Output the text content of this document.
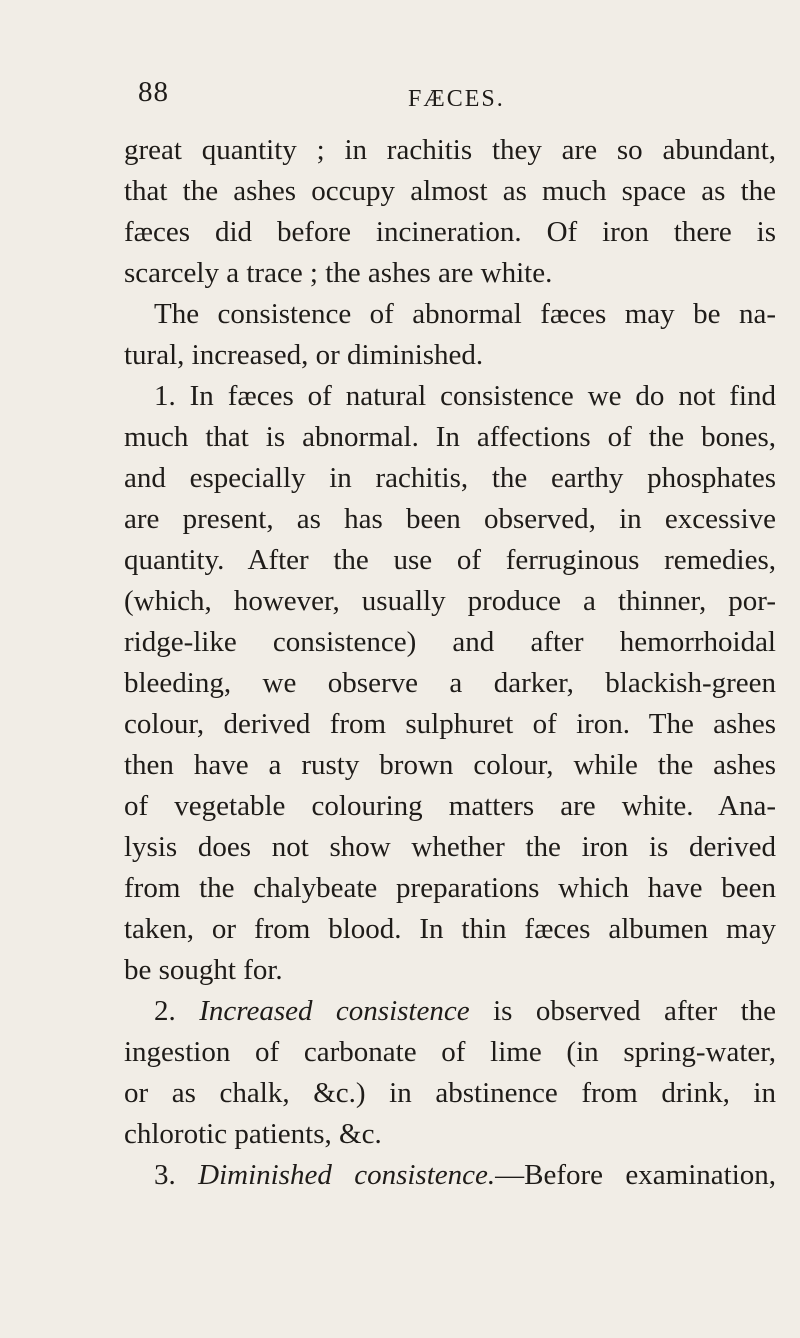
88	FÆCES.
great quantity ; in rachitis they are so abundant,
that the ashes occupy almost as much space as the
fæces did before incineration. Of iron there is
scarcely a trace ; the ashes are white.
The consistence of abnormal fæces may be na-
tural, increased, or diminished.
1. In fæces of natural consistence we do not find
much that is abnormal. In affections of the bones,
and especially in rachitis, the earthy phosphates
are present, as has been observed, in excessive
quantity. After the use of ferruginous remedies,
(which, however, usually produce a thinner, por-
ridge-like consistence) and after hemorrhoidal
bleeding, we observe a darker, blackish-green
colour, derived from sulphuret of iron. The ashes
then have a rusty brown colour, while the ashes
of vegetable colouring matters are white. Ana-
lysis does not show whether the iron is derived
from the chalybeate preparations which have been
taken, or from blood. In thin fæces albumen may
be sought for.
2. Increased consistence is observed after the
ingestion of carbonate of lime (in spring-water,
or as chalk, &c.) in abstinence from drink, in
chlorotic patients, &c.
3. Diminished consistence.—Before examination,
